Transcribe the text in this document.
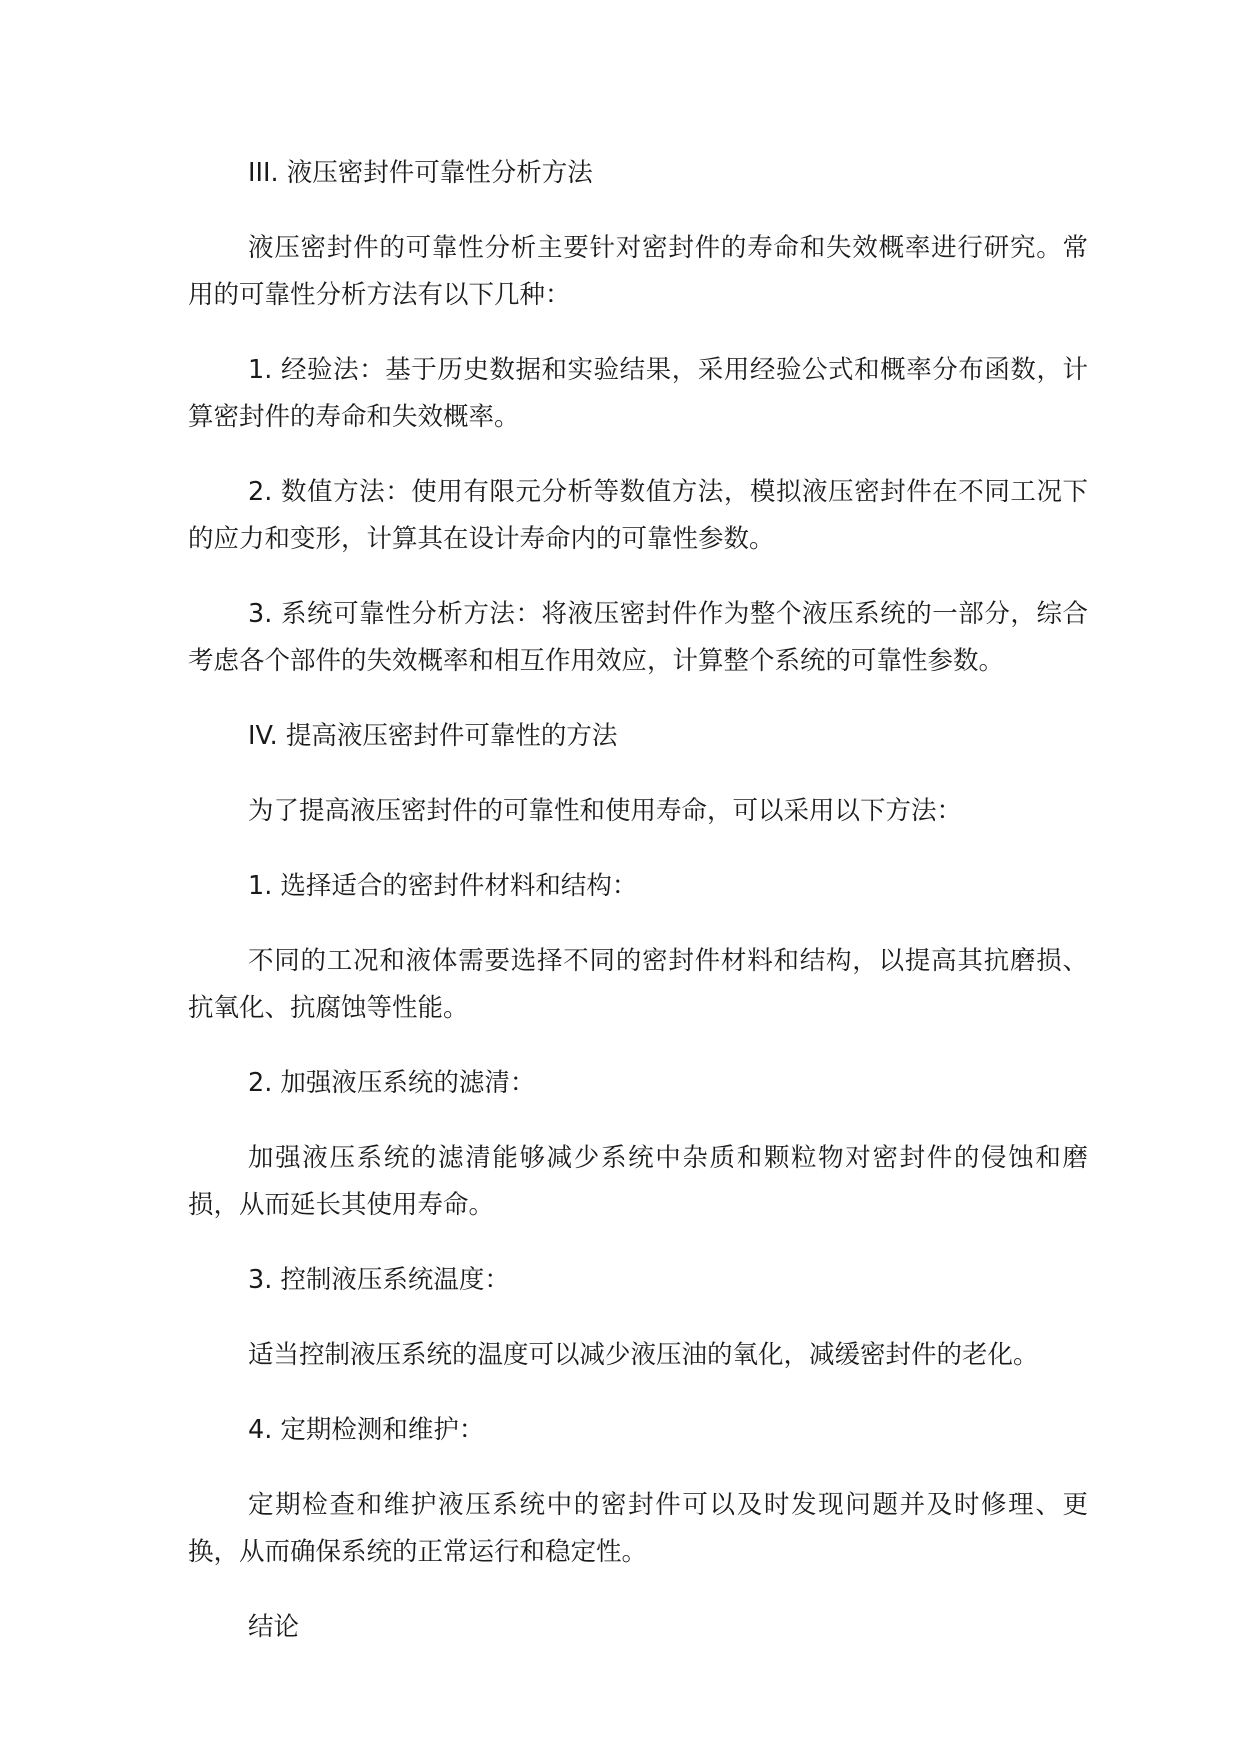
III. 液压密封件可靠性分析方法

液压密封件的可靠性分析主要针对密封件的寿命和失效概率进行研究。常用的可靠性分析方法有以下几种：

1. 经验法：基于历史数据和实验结果，采用经验公式和概率分布函数，计算密封件的寿命和失效概率。

2. 数值方法：使用有限元分析等数值方法，模拟液压密封件在不同工况下的应力和变形，计算其在设计寿命内的可靠性参数。

3. 系统可靠性分析方法：将液压密封件作为整个液压系统的一部分，综合考虑各个部件的失效概率和相互作用效应，计算整个系统的可靠性参数。

IV. 提高液压密封件可靠性的方法

为了提高液压密封件的可靠性和使用寿命，可以采用以下方法：

1. 选择适合的密封件材料和结构：

不同的工况和液体需要选择不同的密封件材料和结构，以提高其抗磨损、抗氧化、抗腐蚀等性能。

2. 加强液压系统的滤清：

加强液压系统的滤清能够减少系统中杂质和颗粒物对密封件的侵蚀和磨损，从而延长其使用寿命。

3. 控制液压系统温度：

适当控制液压系统的温度可以减少液压油的氧化，减缓密封件的老化。

4. 定期检测和维护：

定期检查和维护液压系统中的密封件可以及时发现问题并及时修理、更换，从而确保系统的正常运行和稳定性。

结论
